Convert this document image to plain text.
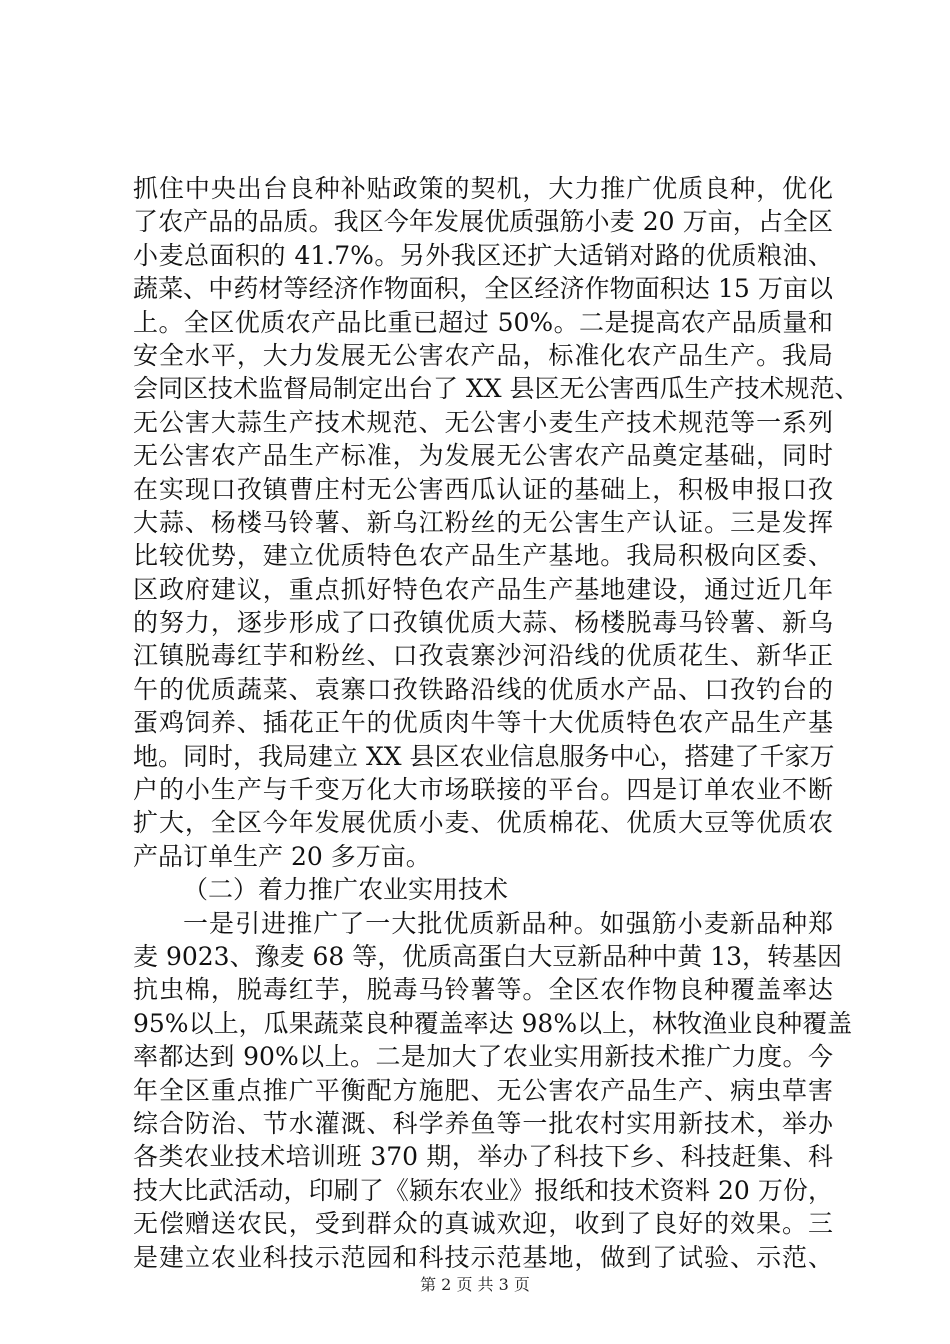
抓住中央出台良种补贴政策的契机，大力推广优质良种，优化
了农产品的品质。我区今年发展优质强筋小麦 20 万亩，占全区
小麦总面积的 41.7%。另外我区还扩大适销对路的优质粮油、
蔬菜、中药材等经济作物面积，全区经济作物面积达 15 万亩以
上。全区优质农产品比重已超过 50%。二是提高农产品质量和
安全水平，大力发展无公害农产品，标准化农产品生产。我局
会同区技术监督局制定出台了 XX 县区无公害西瓜生产技术规范、
无公害大蒜生产技术规范、无公害小麦生产技术规范等一系列
无公害农产品生产标准，为发展无公害农产品奠定基础，同时
在实现口孜镇曹庄村无公害西瓜认证的基础上，积极申报口孜
大蒜、杨楼马铃薯、新乌江粉丝的无公害生产认证。三是发挥
比较优势，建立优质特色农产品生产基地。我局积极向区委、
区政府建议，重点抓好特色农产品生产基地建设，通过近几年
的努力，逐步形成了口孜镇优质大蒜、杨楼脱毒马铃薯、新乌
江镇脱毒红芋和粉丝、口孜袁寨沙河沿线的优质花生、新华正
午的优质蔬菜、袁寨口孜铁路沿线的优质水产品、口孜钓台的
蛋鸡饲养、插花正午的优质肉牛等十大优质特色农产品生产基
地。同时，我局建立 XX 县区农业信息服务中心，搭建了千家万
户的小生产与千变万化大市场联接的平台。四是订单农业不断
扩大，全区今年发展优质小麦、优质棉花、优质大豆等优质农
产品订单生产 20 多万亩。
（二）着力推广农业实用技术
一是引进推广了一大批优质新品种。如强筋小麦新品种郑
麦 9023、豫麦 68 等，优质高蛋白大豆新品种中黄 13，转基因
抗虫棉，脱毒红芋，脱毒马铃薯等。全区农作物良种覆盖率达
95%以上，瓜果蔬菜良种覆盖率达 98%以上，林牧渔业良种覆盖
率都达到 90%以上。二是加大了农业实用新技术推广力度。今
年全区重点推广平衡配方施肥、无公害农产品生产、病虫草害
综合防治、节水灌溉、科学养鱼等一批农村实用新技术，举办
各类农业技术培训班 370 期，举办了科技下乡、科技赶集、科
技大比武活动，印刷了《颍东农业》报纸和技术资料 20 万份，
无偿赠送农民，受到群众的真诚欢迎，收到了良好的效果。三
是建立农业科技示范园和科技示范基地，做到了试验、示范、
第 2 页 共 3 页
